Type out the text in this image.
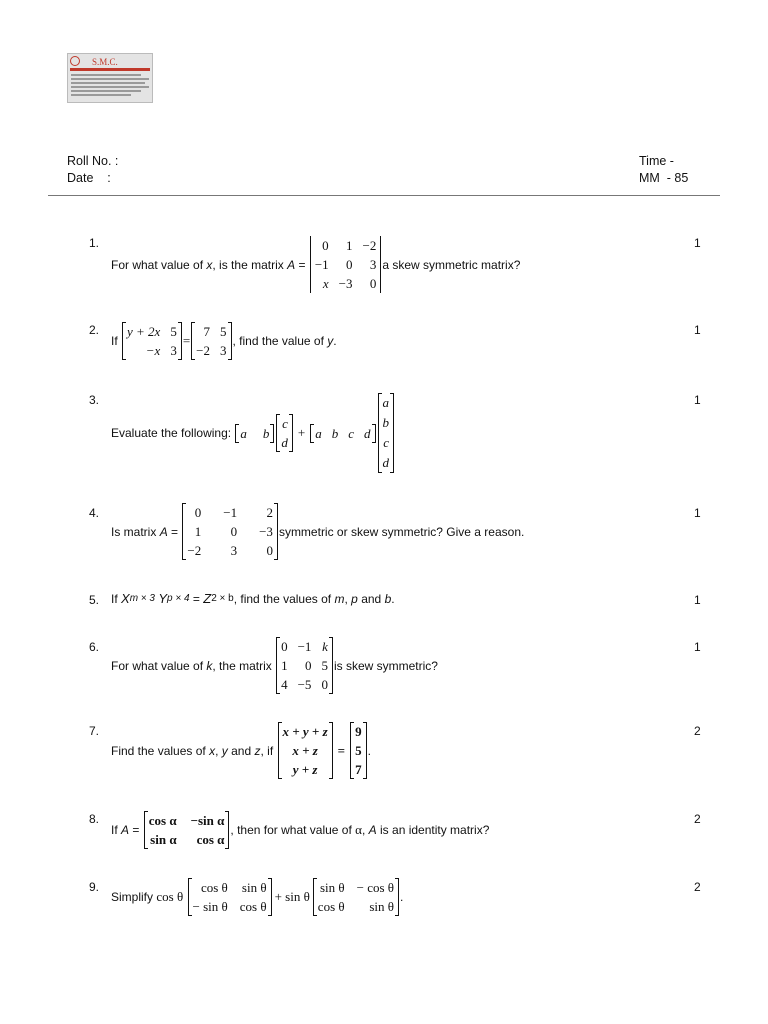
S.M.C.
Roll No. :
Date    :
Time -
MM  - 85
1.	1
For what value of
x , is the matrix
A
=

0	1 −2
−1	0	3
x −3	0
a skew symmetric matrix?
2.	1
If

y + 2x 5
−x 3
=
7 5
−2 3
, find the value of
y .
3.	1
Evaluate the following:
a b
c
d
+ a b c d
a
b
c
d
4.	1
Is matrix
A
=

0 −1	2
1	0 −3
−2	3	0
symmetric or skew symmetric? Give a reason.
5.	1
If
X m × 3
Y p × 4
=
Z 2 × b , find the values of
m ,
p
and
b .
6.	1
For what value of
k , the matrix

0 −1 k
1	0 5
4 −5 0
is skew symmetric?
7.	2
Find the values of
x ,
y
and
z , if

x + y + z
x + z
y + z
=
9
5
7
.
8.	2
If
A
=

cos α −sin α
sin α	cos α
, then for what value of
α ,
A
is an identity matrix?
9.	2
Simplify
cos θ

cos θ sin θ
− sin θ cos θ
+ sin θ
sin θ − cos θ
cos θ	sin θ
.
